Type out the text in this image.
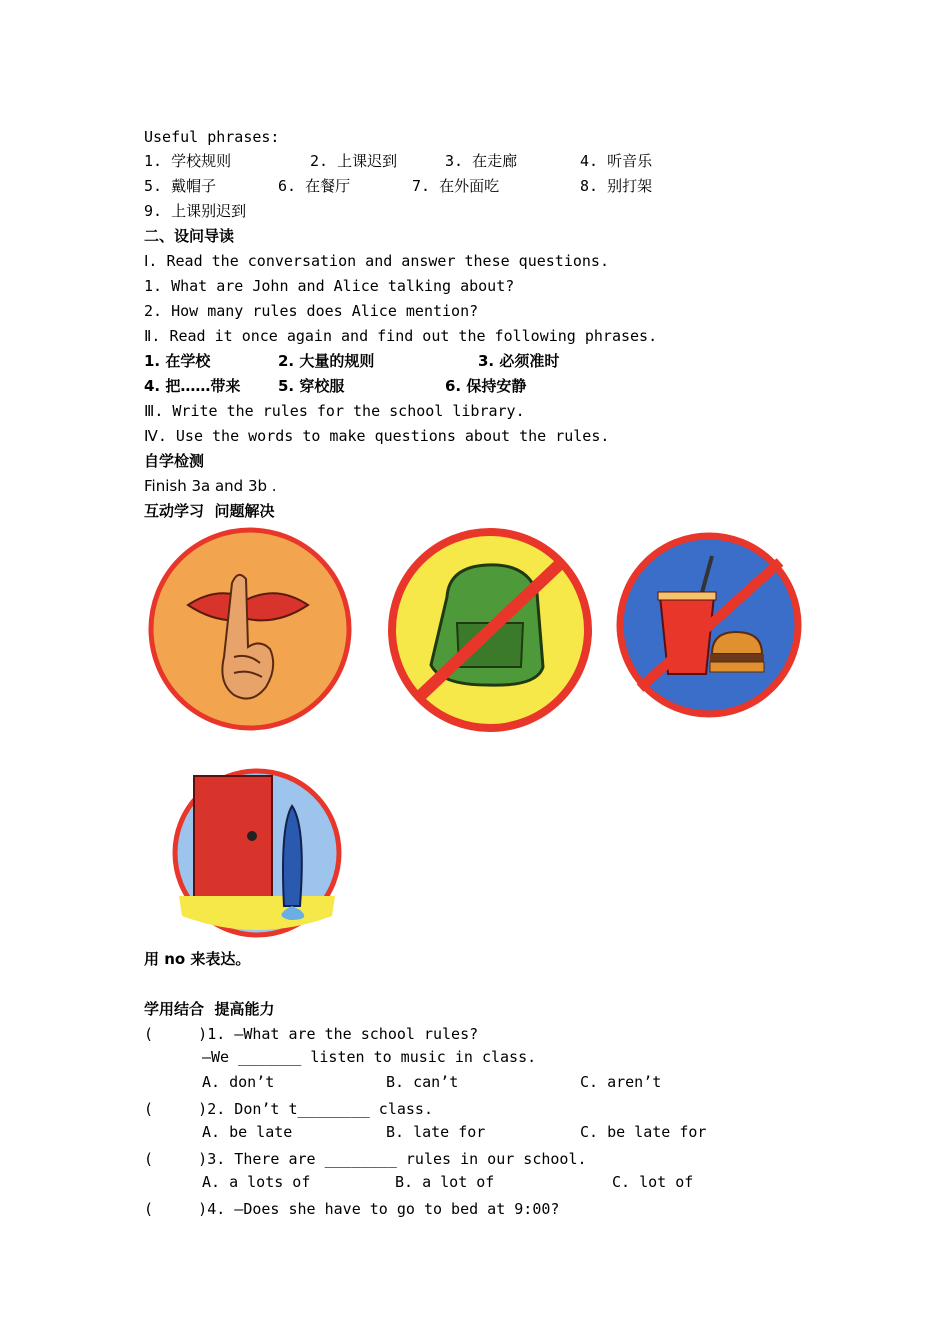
Useful phrases:
1. 学校规则	2. 上课迟到	3. 在走廊	4. 听音乐
5. 戴帽子	6. 在餐厅	7. 在外面吃	8. 别打架
9. 上课别迟到
二、设问导读
Ⅰ. Read the conversation and answer these questions.
1. What are John and Alice talking about?
2. How many rules does Alice mention?
Ⅱ. Read it once again and find out the following phrases.
1. 在学校	2. 大量的规则	3. 必须准时
4. 把……带来	5. 穿校服	6. 保持安静
Ⅲ. Write the rules for the school library.
Ⅳ. Use the words to make questions about the rules.
自学检测
Finish 3a and 3b .
互动学习  问题解决
用 no 来表达。
学用结合  提高能力
(     )1. —What are the school rules?
—We _______ listen to music in class.
A. don’t	B. can’t	C. aren’t
(     )2. Don’t t________ class.
A. be late	B. late for	C. be late for
(     )3. There are ________ rules in our school.
A. a lots of	B. a lot of	C. lot of
(     )4. —Does she have to go to bed at 9:00?
